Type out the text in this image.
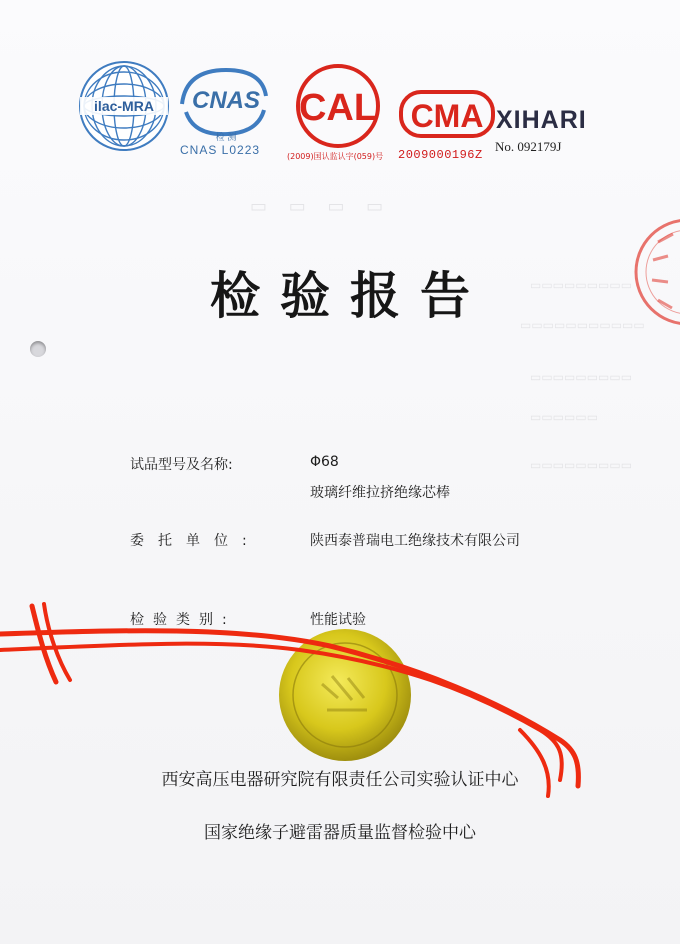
▭ ▭ ▭ ▭
▭▭▭▭▭▭▭▭▭
▭▭▭▭▭▭▭▭▭▭▭
▭▭▭▭▭▭▭▭▭
▭▭▭▭▭▭
▭▭▭▭▭▭▭▭▭
ilac-MRA CNAS
检 测
CNAS L0223
CAL
(2009)国认监认字(059)号
CMA
2009000196Z
XIHARI
No. 092179J
检验报告
试品型号及名称:	Φ68
玻璃纤维拉挤绝缘芯棒
委托单位:	陕西泰普瑞电工绝缘技术有限公司
检验类别:	性能试验
西安高压电器研究院有限责任公司实验认证中心
国家绝缘子避雷器质量监督检验中心
